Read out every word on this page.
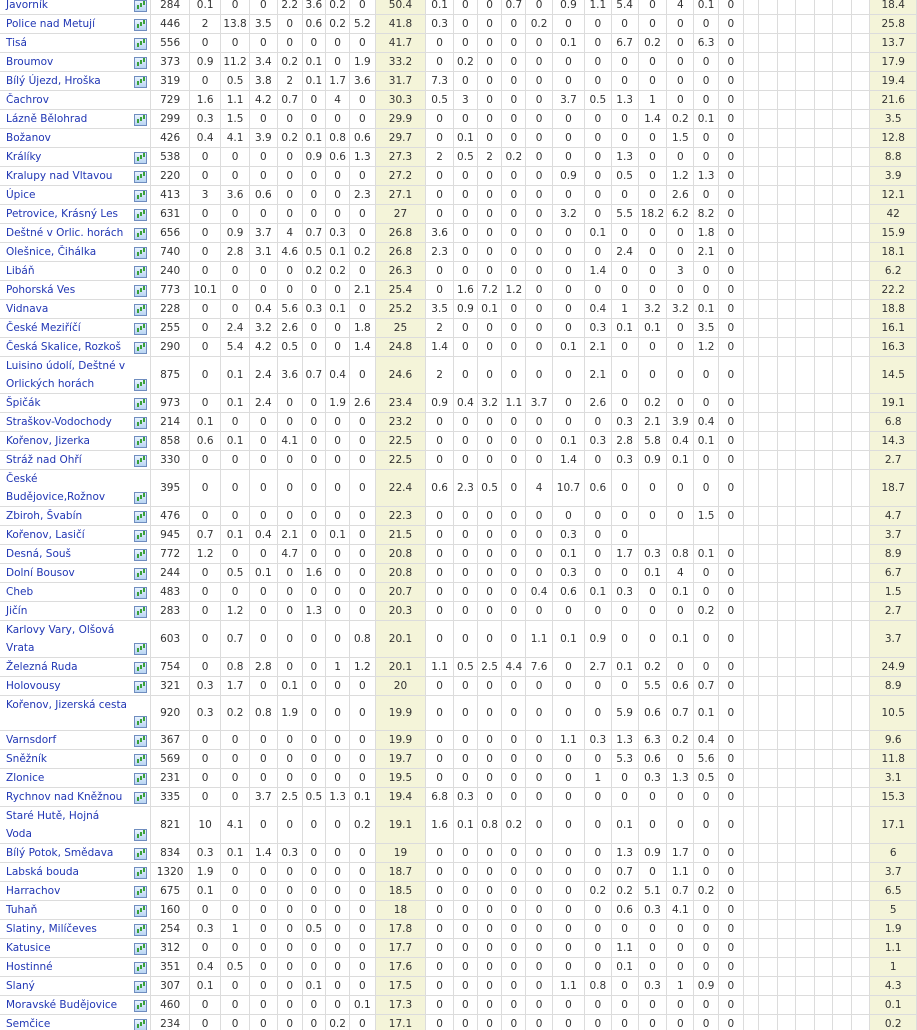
Javorník	284	0.1	0	0	2.2	3.6	0.2	0	50.4	0.1	0	0	0.7	0	0.9	1.1	5.4	0	4	0.1	0								18.4

Police nad Metují	446	2	13.8	3.5	0	0.6	0.2	5.2	41.8	0.3	0	0	0	0.2	0	0	0	0	0	0	0								25.8

Tisá	556	0	0	0	0	0	0	0	41.7	0	0	0	0	0	0.1	0	6.7	0.2	0	6.3	0								13.7

Broumov	373	0.9	11.2	3.4	0.2	0.1	0	1.9	33.2	0	0.2	0	0	0	0	0	0	0	0	0	0								17.9

Bílý Újezd, Hroška	319	0	0.5	3.8	2	0.1	1.7	3.6	31.7	7.3	0	0	0	0	0	0	0	0	0	0	0								19.4

Čachrov	729	1.6	1.1	4.2	0.7	0	4	0	30.3	0.5	3	0	0	0	3.7	0.5	1.3	1	0	0	0								21.6

Lázně Bělohrad	299	0.3	1.5	0	0	0	0	0	29.9	0	0	0	0	0	0	0	0	1.4	0.2	0.1	0								3.5

Božanov	426	0.4	4.1	3.9	0.2	0.1	0.8	0.6	29.7	0	0.1	0	0	0	0	0	0	0	1.5	0	0								12.8

Králíky	538	0	0	0	0	0.9	0.6	1.3	27.3	2	0.5	2	0.2	0	0	0	1.3	0	0	0	0								8.8

Kralupy nad Vltavou	220	0	0	0	0	0	0	0	27.2	0	0	0	0	0	0.9	0	0.5	0	1.2	1.3	0								3.9

Úpice	413	3	3.6	0.6	0	0	0	2.3	27.1	0	0	0	0	0	0	0	0	0	2.6	0	0								12.1

Petrovice, Krásný Les	631	0	0	0	0	0	0	0	27	0	0	0	0	0	3.2	0	5.5	18.2	6.2	8.2	0								42

Deštné v Orlic. horách	656	0	0.9	3.7	4	0.7	0.3	0	26.8	3.6	0	0	0	0	0	0.1	0	0	0	1.8	0								15.9

Olešnice, Čihálka	740	0	2.8	3.1	4.6	0.5	0.1	0.2	26.8	2.3	0	0	0	0	0	0	2.4	0	0	2.1	0								18.1

Libáň	240	0	0	0	0	0.2	0.2	0	26.3	0	0	0	0	0	0	1.4	0	0	3	0	0								6.2

Pohorská Ves	773	10.1	0	0	0	0	0	2.1	25.4	0	1.6	7.2	1.2	0	0	0	0	0	0	0	0								22.2

Vidnava	228	0	0	0.4	5.6	0.3	0.1	0	25.2	3.5	0.9	0.1	0	0	0	0.4	1	3.2	3.2	0.1	0								18.8

České Meziříčí	255	0	2.4	3.2	2.6	0	0	1.8	25	2	0	0	0	0	0	0.3	0.1	0.1	0	3.5	0								16.1

Česká Skalice, Rozkoš	290	0	5.4	4.2	0.5	0	0	1.4	24.8	1.4	0	0	0	0	0.1	2.1	0	0	0	1.2	0								16.3

Luisino údolí, Deštné v Orlických horách	875	0	0.1	2.4	3.6	0.7	0.4	0	24.6	2	0	0	0	0	0	2.1	0	0	0	0	0								14.5

Špičák	973	0	0.1	2.4	0	0	1.9	2.6	23.4	0.9	0.4	3.2	1.1	3.7	0	2.6	0	0.2	0	0	0								19.1

Straškov-Vodochody	214	0.1	0	0	0	0	0	0	23.2	0	0	0	0	0	0	0	0.3	2.1	3.9	0.4	0								6.8

Kořenov, Jizerka	858	0.6	0.1	0	4.1	0	0	0	22.5	0	0	0	0	0	0.1	0.3	2.8	5.8	0.4	0.1	0								14.3

Stráž nad Ohří	330	0	0	0	0	0	0	0	22.5	0	0	0	0	0	1.4	0	0.3	0.9	0.1	0	0								2.7

České Budějovice,Rožnov	395	0	0	0	0	0	0	0	22.4	0.6	2.3	0.5	0	4	10.7	0.6	0	0	0	0	0								18.7

Zbiroh, Švabín	476	0	0	0	0	0	0	0	22.3	0	0	0	0	0	0	0	0	0	0	1.5	0								4.7

Kořenov, Lasičí	945	0.7	0.1	0.4	2.1	0	0.1	0	21.5	0	0	0	0	0	0.3	0	0												3.7

Desná, Souš	772	1.2	0	0	4.7	0	0	0	20.8	0	0	0	0	0	0.1	0	1.7	0.3	0.8	0.1	0								8.9

Dolní Bousov	244	0	0.5	0.1	0	1.6	0	0	20.8	0	0	0	0	0	0.3	0	0	0.1	4	0	0								6.7

Cheb	483	0	0	0	0	0	0	0	20.7	0	0	0	0	0.4	0.6	0.1	0.3	0	0.1	0	0								1.5

Jičín	283	0	1.2	0	0	1.3	0	0	20.3	0	0	0	0	0	0	0	0	0	0	0.2	0								2.7

Karlovy Vary, Olšová Vrata	603	0	0.7	0	0	0	0	0.8	20.1	0	0	0	0	1.1	0.1	0.9	0	0	0.1	0	0								3.7

Železná Ruda	754	0	0.8	2.8	0	0	1	1.2	20.1	1.1	0.5	2.5	4.4	7.6	0	2.7	0.1	0.2	0	0	0								24.9

Holovousy	321	0.3	1.7	0	0.1	0	0	0	20	0	0	0	0	0	0	0	0	5.5	0.6	0.7	0								8.9

Kořenov, Jizerská cesta	920	0.3	0.2	0.8	1.9	0	0	0	19.9	0	0	0	0	0	0	0	5.9	0.6	0.7	0.1	0								10.5

Varnsdorf	367	0	0	0	0	0	0	0	19.9	0	0	0	0	0	1.1	0.3	1.3	6.3	0.2	0.4	0								9.6

Sněžník	569	0	0	0	0	0	0	0	19.7	0	0	0	0	0	0	0	5.3	0.6	0	5.6	0								11.8

Zlonice	231	0	0	0	0	0	0	0	19.5	0	0	0	0	0	0	1	0	0.3	1.3	0.5	0								3.1

Rychnov nad Kněžnou	335	0	0	3.7	2.5	0.5	1.3	0.1	19.4	6.8	0.3	0	0	0	0	0	0	0	0	0	0								15.3

Staré Hutě, Hojná Voda	821	10	4.1	0	0	0	0	0.2	19.1	1.6	0.1	0.8	0.2	0	0	0	0.1	0	0	0	0								17.1

Bílý Potok, Smědava	834	0.3	0.1	1.4	0.3	0	0	0	19	0	0	0	0	0	0	0	1.3	0.9	1.7	0	0								6

Labská bouda	1320	1.9	0	0	0	0	0	0	18.7	0	0	0	0	0	0	0	0.7	0	1.1	0	0								3.7

Harrachov	675	0.1	0	0	0	0	0	0	18.5	0	0	0	0	0	0	0.2	0.2	5.1	0.7	0.2	0								6.5

Tuhaň	160	0	0	0	0	0	0	0	18	0	0	0	0	0	0	0	0.6	0.3	4.1	0	0								5

Slatiny, Milíčeves	254	0.3	1	0	0	0.5	0	0	17.8	0	0	0	0	0	0	0	0	0	0	0	0								1.9

Katusice	312	0	0	0	0	0	0	0	17.7	0	0	0	0	0	0	0	1.1	0	0	0	0								1.1

Hostinné	351	0.4	0.5	0	0	0	0	0	17.6	0	0	0	0	0	0	0	0.1	0	0	0	0								1

Slaný	307	0.1	0	0	0	0.1	0	0	17.5	0	0	0	0	0	1.1	0.8	0	0.3	1	0.9	0								4.3

Moravské Budějovice	460	0	0	0	0	0	0	0.1	17.3	0	0	0	0	0	0	0	0	0	0	0	0								0.1

Semčice	234	0	0	0	0	0	0.2	0	17.1	0	0	0	0	0	0	0	0	0	0	0	0								0.2
